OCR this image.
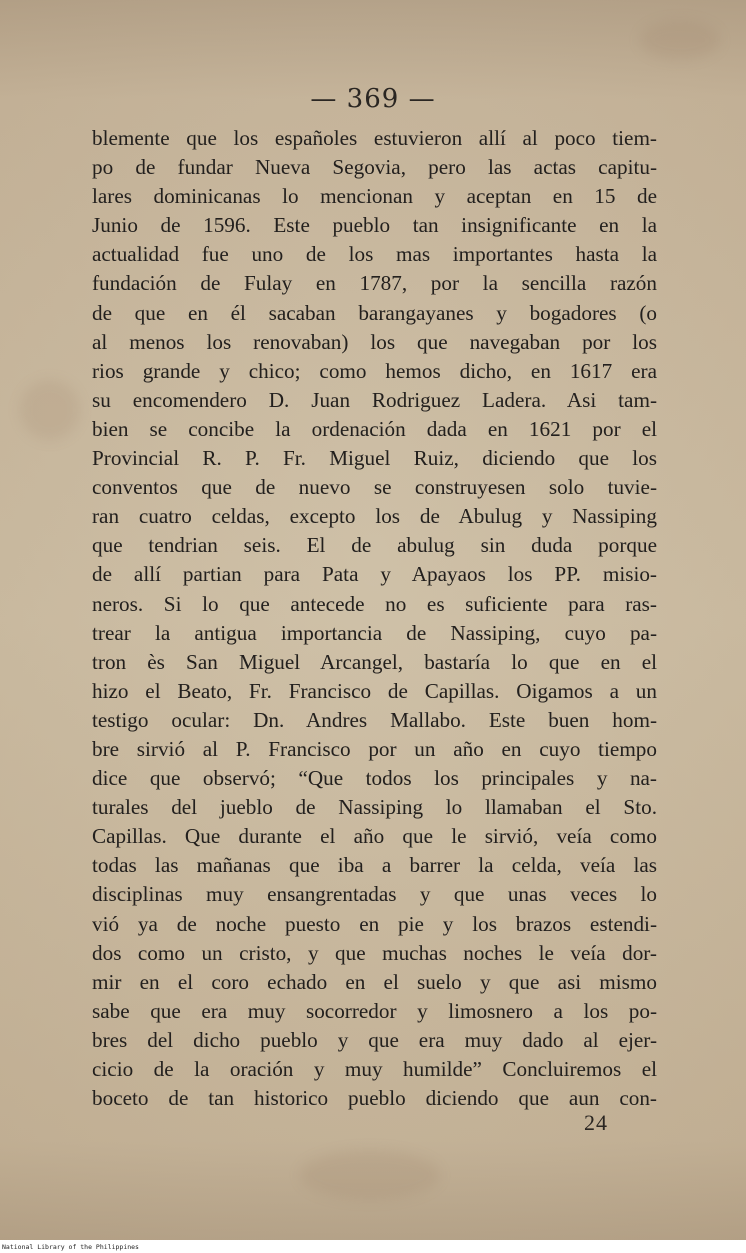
— 369 —
blemente que los españoles estuvieron allí al poco tiem-
po de fundar Nueva Segovia, pero las actas capitu-
lares dominicanas lo mencionan y aceptan en 15 de
Junio de 1596. Este pueblo tan insignificante en la
actualidad fue uno de los mas importantes hasta la
fundación de Fulay en 1787, por la sencilla razón
de que en él sacaban barangayanes y bogadores (o
al menos los renovaban) los que navegaban por los
rios grande y chico; como hemos dicho, en 1617 era
su encomendero D. Juan Rodriguez Ladera. Asi tam-
bien se concibe la ordenación dada en 1621 por el
Provincial R. P. Fr. Miguel Ruiz, diciendo que los
conventos que de nuevo se construyesen solo tuvie-
ran cuatro celdas, excepto los de Abulug y Nassiping
que tendrian seis. El de abulug sin duda porque
de allí partian para Pata y Apayaos los PP. misio-
neros. Si lo que antecede no es suficiente para ras-
trear la antigua importancia de Nassiping, cuyo pa-
tron ès San Miguel Arcangel, bastaría lo que en el
hizo el Beato, Fr. Francisco de Capillas. Oigamos a un
testigo ocular: Dn. Andres Mallabo. Este buen hom-
bre sirvió al P. Francisco por un año en cuyo tiempo
dice que observó; “Que todos los principales y na-
turales del jueblo de Nassiping lo llamaban el Sto.
Capillas. Que durante el año que le sirvió, veía como
todas las mañanas que iba a barrer la celda, veía las
disciplinas muy ensangrentadas y que unas veces lo
vió ya de noche puesto en pie y los brazos estendi-
dos como un cristo, y que muchas noches le veía dor-
mir en el coro echado en el suelo y que asi mismo
sabe que era muy socorredor y limosnero a los po-
bres del dicho pueblo y que era muy dado al ejer-
cicio de la oración y muy humilde” Concluiremos el
boceto de tan historico pueblo diciendo que aun con-
24
National Library of the Philippines
